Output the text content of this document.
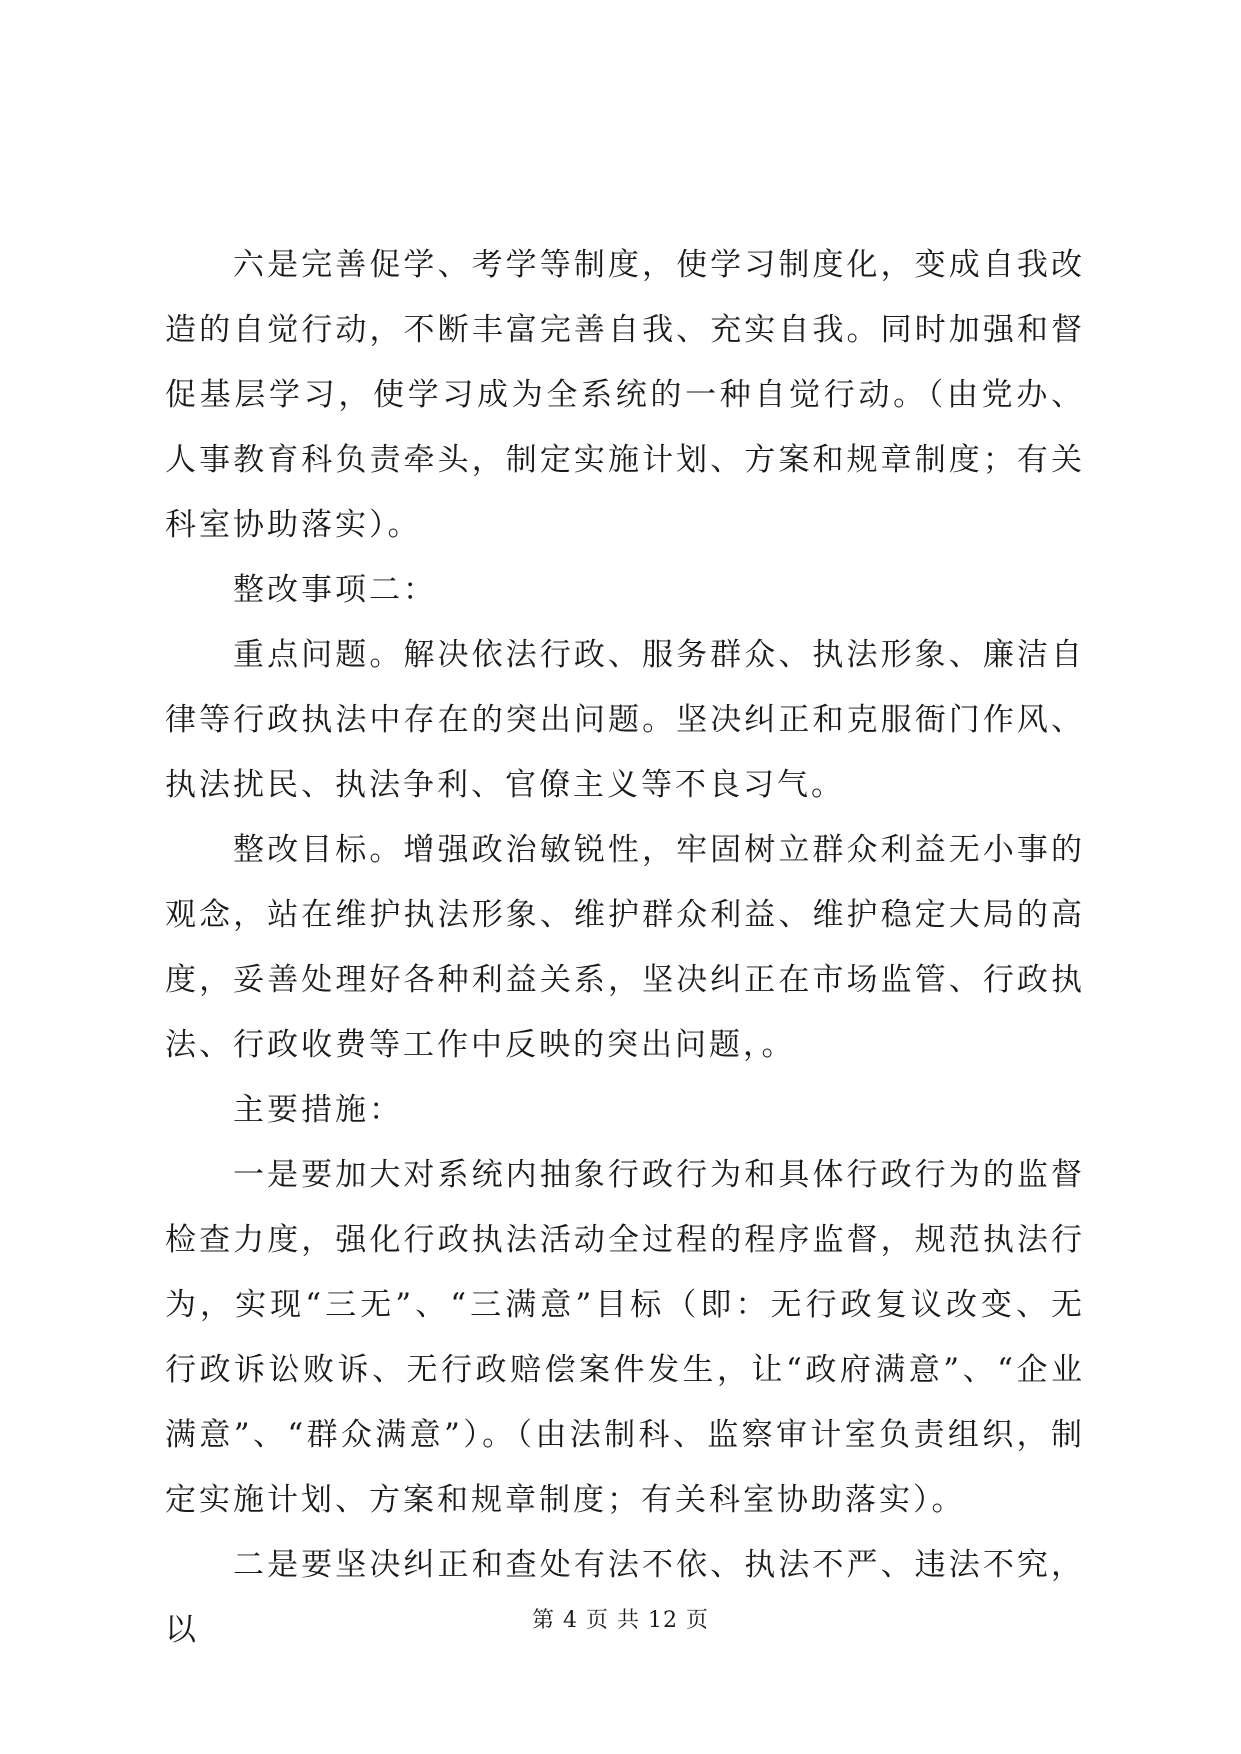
六是完善促学、考学等制度，使学习制度化，变成自我改造的自觉行动，不断丰富完善自我、充实自我。同时加强和督促基层学习，使学习成为全系统的一种自觉行动。（由党办、人事教育科负责牵头，制定实施计划、方案和规章制度；有关科室协助落实）。

整改事项二：

重点问题。解决依法行政、服务群众、执法形象、廉洁自律等行政执法中存在的突出问题。坚决纠正和克服衙门作风、执法扰民、执法争利、官僚主义等不良习气。

整改目标。增强政治敏锐性，牢固树立群众利益无小事的观念，站在维护执法形象、维护群众利益、维护稳定大局的高度，妥善处理好各种利益关系，坚决纠正在市场监管、行政执法、行政收费等工作中反映的突出问题，。

主要措施：

一是要加大对系统内抽象行政行为和具体行政行为的监督检查力度，强化行政执法活动全过程的程序监督，规范执法行为，实现“三无”、“三满意”目标（即：无行政复议改变、无行政诉讼败诉、无行政赔偿案件发生，让“政府满意”、“企业满意”、“群众满意”）。（由法制科、监察审计室负责组织，制定实施计划、方案和规章制度；有关科室协助落实）。

二是要坚决纠正和查处有法不依、执法不严、违法不究，以	第 4 页 共 12 页
